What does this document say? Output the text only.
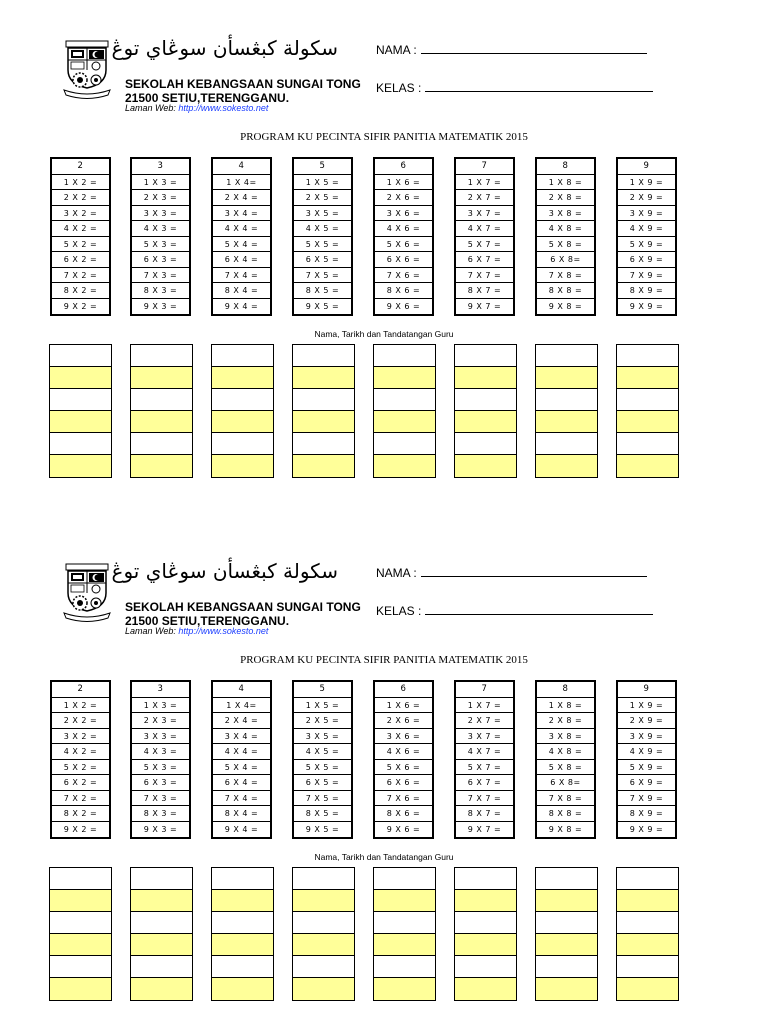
سكولة كبڠسأن سوڠاي توڠ
SEKOLAH KEBANGSAAN SUNGAI TONG
21500 SETIU,TERENGGANU.
Laman Web: http://www.sokesto.net
NAMA :
KELAS :
PROGRAM KU PECINTA SIFIR PANITIA MATEMATIK 2015
2
1 X 2 =
2 X 2 =
3 X 2 =
4 X 2 =
5 X 2 =
6 X 2 =
7 X 2 =
8 X 2 =
9 X 2 =
3
1 X 3 =
2 X 3 =
3 X 3 =
4 X 3 =
5 X 3 =
6 X 3 =
7 X 3 =
8 X 3 =
9 X 3 =
4
1 X 4=
2 X 4 =
3 X 4 =
4 X 4 =
5 X 4 =
6 X 4 =
7 X 4 =
8 X 4 =
9 X 4 =
5
1 X 5 =
2 X 5 =
3 X 5 =
4 X 5 =
5 X 5 =
6 X 5 =
7 X 5 =
8 X 5 =
9 X 5 =
6
1 X 6 =
2 X 6 =
3 X 6 =
4 X 6 =
5 X 6 =
6 X 6 =
7 X 6 =
8 X 6 =
9 X 6 =
7
1 X 7 =
2 X 7 =
3 X 7 =
4 X 7 =
5 X 7 =
6 X 7 =
7 X 7 =
8 X 7 =
9 X 7 =
8
1 X 8 =
2 X 8 =
3 X 8 =
4 X 8 =
5 X 8 =
6 X 8=
7 X 8 =
8 X 8 =
9 X 8 =
9
1 X 9 =
2 X 9 =
3 X 9 =
4 X 9 =
5 X 9 =
6 X 9 =
7 X 9 =
8 X 9 =
9 X 9 =
Nama, Tarikh dan Tandatangan Guru
سكولة كبڠسأن سوڠاي توڠ
SEKOLAH KEBANGSAAN SUNGAI TONG
21500 SETIU,TERENGGANU.
Laman Web: http://www.sokesto.net
NAMA :
KELAS :
PROGRAM KU PECINTA SIFIR PANITIA MATEMATIK 2015
2
1 X 2 =
2 X 2 =
3 X 2 =
4 X 2 =
5 X 2 =
6 X 2 =
7 X 2 =
8 X 2 =
9 X 2 =
3
1 X 3 =
2 X 3 =
3 X 3 =
4 X 3 =
5 X 3 =
6 X 3 =
7 X 3 =
8 X 3 =
9 X 3 =
4
1 X 4=
2 X 4 =
3 X 4 =
4 X 4 =
5 X 4 =
6 X 4 =
7 X 4 =
8 X 4 =
9 X 4 =
5
1 X 5 =
2 X 5 =
3 X 5 =
4 X 5 =
5 X 5 =
6 X 5 =
7 X 5 =
8 X 5 =
9 X 5 =
6
1 X 6 =
2 X 6 =
3 X 6 =
4 X 6 =
5 X 6 =
6 X 6 =
7 X 6 =
8 X 6 =
9 X 6 =
7
1 X 7 =
2 X 7 =
3 X 7 =
4 X 7 =
5 X 7 =
6 X 7 =
7 X 7 =
8 X 7 =
9 X 7 =
8
1 X 8 =
2 X 8 =
3 X 8 =
4 X 8 =
5 X 8 =
6 X 8=
7 X 8 =
8 X 8 =
9 X 8 =
9
1 X 9 =
2 X 9 =
3 X 9 =
4 X 9 =
5 X 9 =
6 X 9 =
7 X 9 =
8 X 9 =
9 X 9 =
Nama, Tarikh dan Tandatangan Guru
